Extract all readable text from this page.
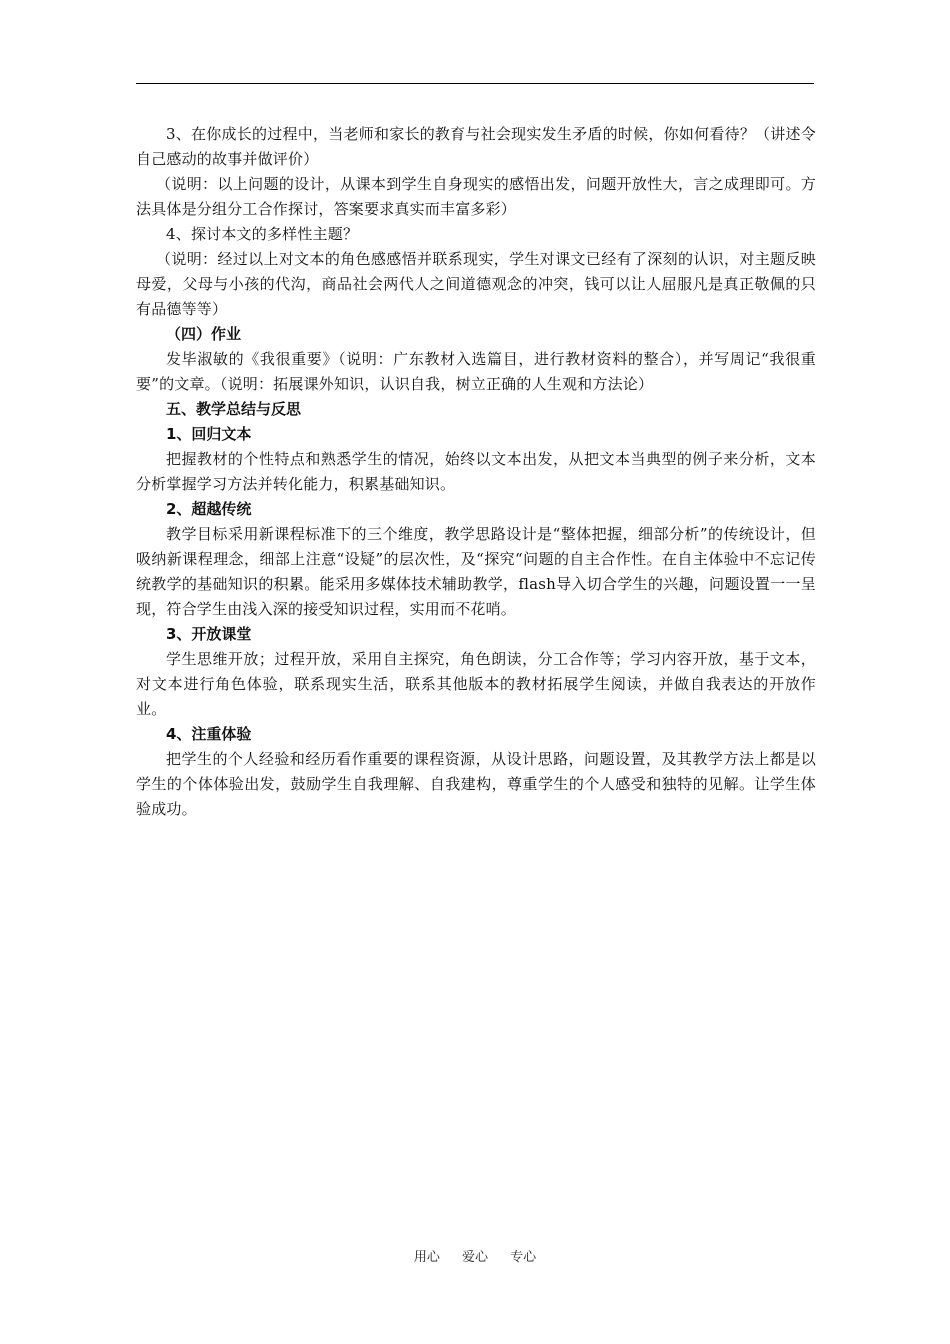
3、在你成长的过程中，当老师和家长的教育与社会现实发生矛盾的时候，你如何看待？（讲述令自己感动的故事并做评价）

（说明：以上问题的设计，从课本到学生自身现实的感悟出发，问题开放性大，言之成理即可。方法具体是分组分工合作探讨，答案要求真实而丰富多彩）

4、探讨本文的多样性主题？

（说明：经过以上对文本的角色感感悟并联系现实，学生对课文已经有了深刻的认识，对主题反映母爱，父母与小孩的代沟，商品社会两代人之间道德观念的冲突，钱可以让人屈服凡是真正敬佩的只有品德等等）

（四）作业

发毕淑敏的《我很重要》（说明：广东教材入选篇目，进行教材资料的整合），并写周记“我很重要”的文章。（说明：拓展课外知识，认识自我，树立正确的人生观和方法论）

五、教学总结与反思

1、回归文本

把握教材的个性特点和熟悉学生的情况，始终以文本出发，从把文本当典型的例子来分析，文本分析掌握学习方法并转化能力，积累基础知识。

2、超越传统

教学目标采用新课程标准下的三个维度，教学思路设计是“整体把握，细部分析”的传统设计，但吸纳新课程理念，细部上注意“设疑”的层次性，及“探究“问题的自主合作性。在自主体验中不忘记传统教学的基础知识的积累。能采用多媒体技术辅助教学，flash导入切合学生的兴趣，问题设置一一呈现，符合学生由浅入深的接受知识过程，实用而不花哨。

3、开放课堂

学生思维开放；过程开放，采用自主探究，角色朗读，分工合作等；学习内容开放，基于文本，对文本进行角色体验，联系现实生活，联系其他版本的教材拓展学生阅读，并做自我表达的开放作业。

4、注重体验

把学生的个人经验和经历看作重要的课程资源，从设计思路，问题设置，及其教学方法上都是以学生的个体体验出发，鼓励学生自我理解、自我建构，尊重学生的个人感受和独特的见解。让学生体验成功。

用心 爱心 专心
